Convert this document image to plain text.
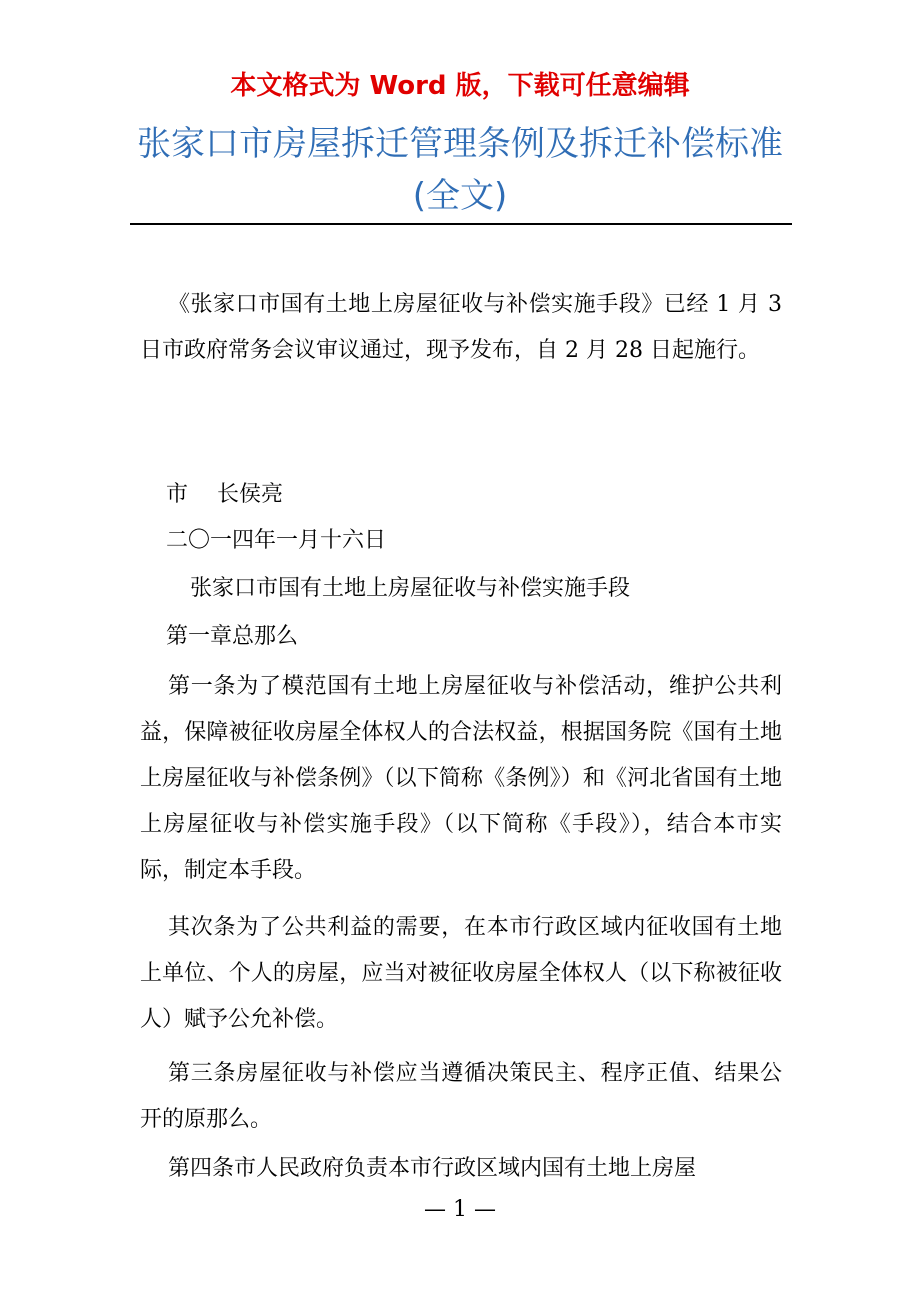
本文格式为 Word 版，下载可任意编辑
张家口市房屋拆迁管理条例及拆迁补偿标准(全文)
《张家口市国有土地上房屋征收与补偿实施手段》已经 1 月 3 日市政府常务会议审议通过，现予发布，自 2 月 28 日起施行。
市　 长侯亮
二〇一四年一月十六日
张家口市国有土地上房屋征收与补偿实施手段
第一章总那么
第一条为了模范国有土地上房屋征收与补偿活动，维护公共利益，保障被征收房屋全体权人的合法权益，根据国务院《国有土地上房屋征收与补偿条例》（以下简称《条例》）和《河北省国有土地上房屋征收与补偿实施手段》（以下简称《手段》），结合本市实际，制定本手段。
其次条为了公共利益的需要，在本市行政区域内征收国有土地上单位、个人的房屋，应当对被征收房屋全体权人（以下称被征收人）赋予公允补偿。
第三条房屋征收与补偿应当遵循决策民主、程序正值、结果公开的原那么。
第四条市人民政府负责本市行政区域内国有土地上房屋
— 1 —
